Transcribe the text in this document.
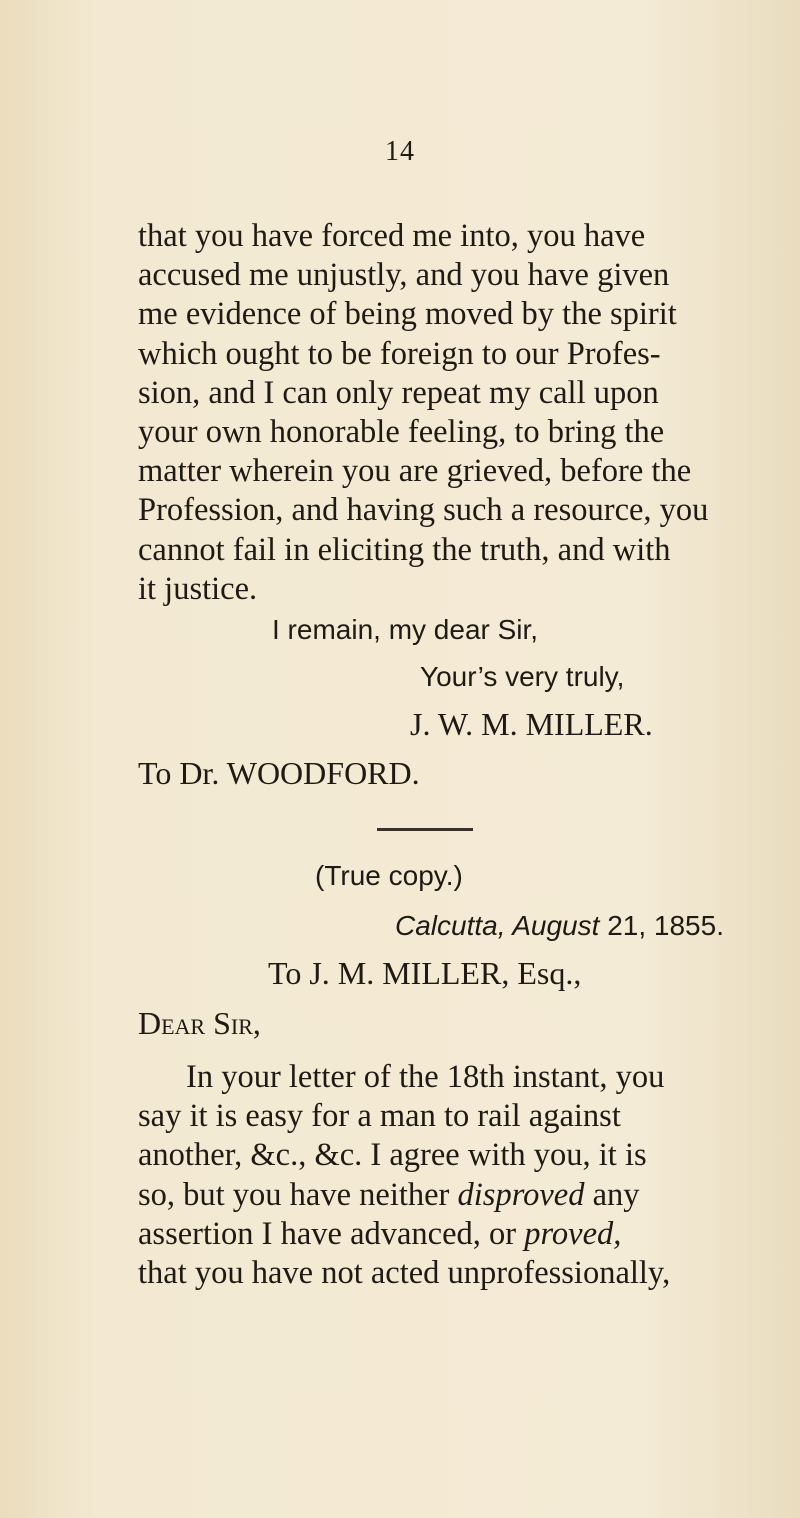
14

that you have forced me into, you have
accused me unjustly, and you have given
me evidence of being moved by the spirit
which ought to be foreign to our Profes-
sion, and I can only repeat my call upon
your own honorable feeling, to bring the
matter wherein you are grieved, before the
Profession, and having such a resource, you
cannot fail in eliciting the truth, and with
it justice.

I remain, my dear Sir,

Your’s very truly,

J. W. M. MILLER.

To Dr. WOODFORD.

(True copy.)

Calcutta, August 21, 1855.

To J. M. MILLER, Esq.,

Dear Sir,

In your letter of the 18th instant, you
say it is easy for a man to rail against
another, &c., &c. I agree with you, it is
so, but you have neither disproved any
assertion I have advanced, or proved,
that you have not acted unprofessionally,
